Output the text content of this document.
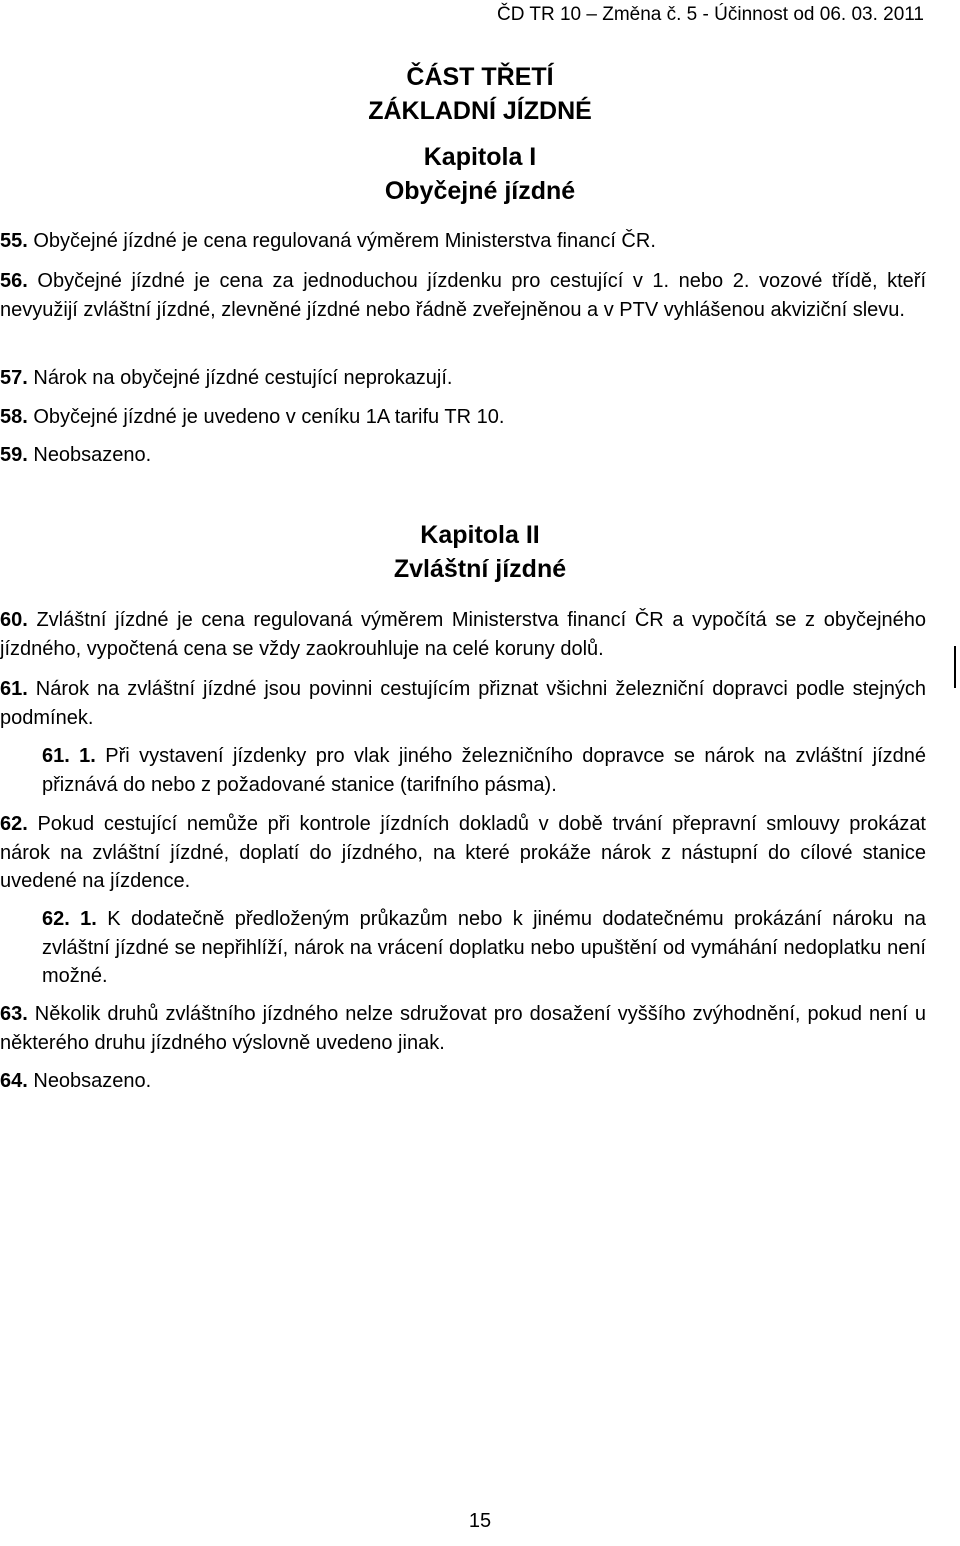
ČD TR 10 – Změna č. 5 - Účinnost od 06. 03. 2011
ČÁST TŘETÍ
ZÁKLADNÍ JÍZDNÉ
Kapitola I
Obyčejné jízdné
55. Obyčejné jízdné je cena regulovaná výměrem Ministerstva financí ČR.
56. Obyčejné jízdné je cena za jednoduchou jízdenku pro cestující v 1. nebo 2. vozové třídě, kteří nevyužijí zvláštní jízdné, zlevněné jízdné nebo řádně zveřejněnou a v PTV vyhlášenou akviziční slevu.
57. Nárok na obyčejné jízdné cestující neprokazují.
58. Obyčejné jízdné je uvedeno v ceníku 1A tarifu TR 10.
59. Neobsazeno.
Kapitola II
Zvláštní jízdné
60. Zvláštní jízdné je cena regulovaná výměrem Ministerstva financí ČR a vypočítá se z obyčejného jízdného, vypočtená cena se vždy zaokrouhluje na celé koruny dolů.
61. Nárok na zvláštní jízdné jsou povinni cestujícím přiznat všichni železniční dopravci podle stejných podmínek.
61. 1. Při vystavení jízdenky pro vlak jiného železničního dopravce se nárok na zvláštní jízdné přiznává do nebo z požadované stanice (tarifního pásma).
62. Pokud cestující nemůže při kontrole jízdních dokladů v době trvání přepravní smlouvy prokázat nárok na zvláštní jízdné, doplatí do jízdného, na které prokáže nárok z nástupní do cílové stanice uvedené na jízdence.
62. 1. K dodatečně předloženým průkazům nebo k jinému dodatečnému prokázání nároku na zvláštní jízdné se nepřihlíží, nárok na vrácení doplatku nebo upuštění od vymáhání nedoplatku není možné.
63. Několik druhů zvláštního jízdného nelze sdružovat pro dosažení vyššího zvýhodnění, pokud není u některého druhu jízdného výslovně uvedeno jinak.
64. Neobsazeno.
15
